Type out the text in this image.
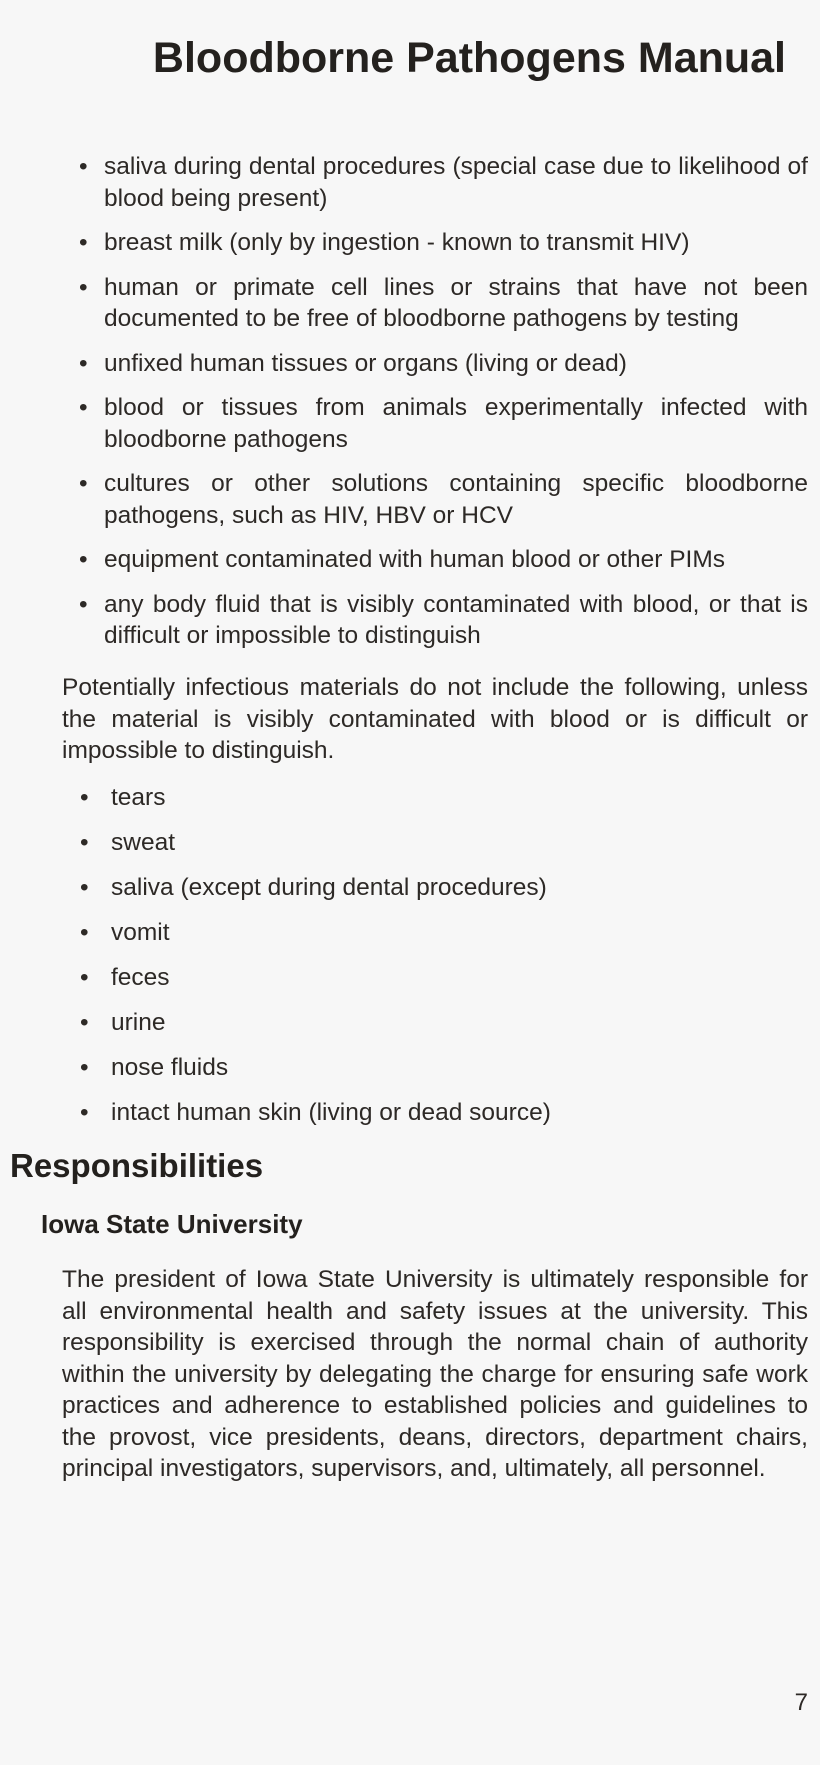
Bloodborne Pathogens Manual
• saliva during dental procedures (special case due to likelihood of blood being present)
• breast milk (only by ingestion - known to transmit HIV)
• human or primate cell lines or strains that have not been documented to be free of bloodborne pathogens by testing
• unfixed human tissues or organs (living or dead)
• blood or tissues from animals experimentally infected with bloodborne pathogens
• cultures or other solutions containing specific bloodborne pathogens, such as HIV, HBV or HCV
• equipment contaminated with human blood or other PIMs
• any body fluid that is visibly contaminated with blood, or that is difficult or impossible to distinguish

Potentially infectious materials do not include the following, unless the material is visibly contaminated with blood or is difficult or impossible to distinguish.

• tears
• sweat
• saliva (except during dental procedures)
• vomit
• feces
• urine
• nose fluids
• intact human skin (living or dead source)
Responsibilities
Iowa State University

The president of Iowa State University is ultimately responsible for all environmental health and safety issues at the university. This responsibility is exercised through the normal chain of authority within the university by delegating the charge for ensuring safe work practices and adherence to established policies and guidelines to the provost, vice presidents, deans, directors, department chairs, principal investigators, supervisors, and, ultimately, all personnel.

7
